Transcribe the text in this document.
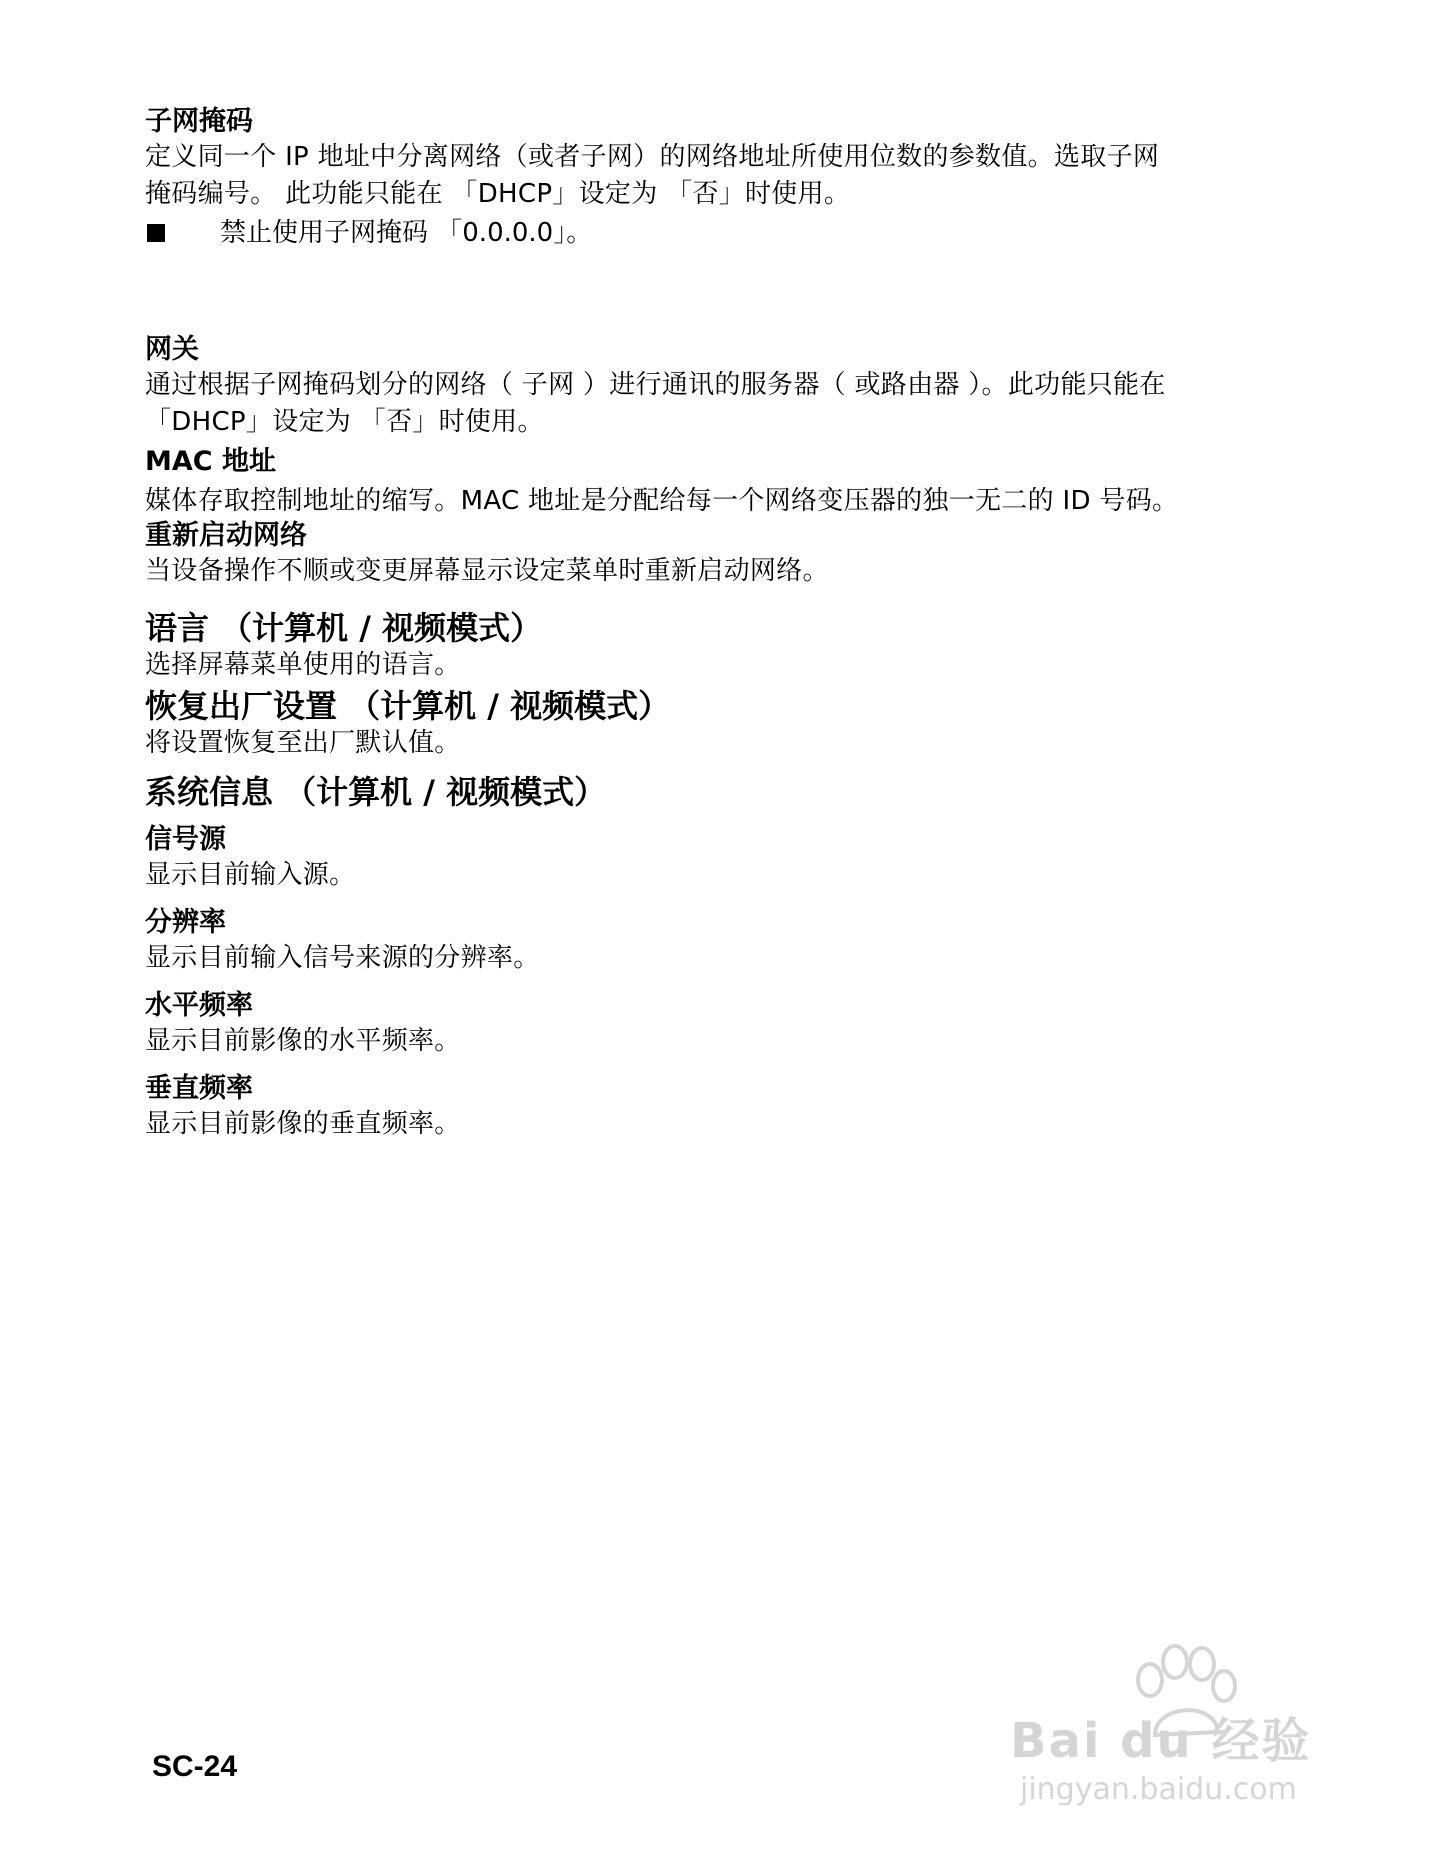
子网掩码

定义同一个 IP 地址中分离网络（或者子网）的网络地址所使用位数的参数值。选取子网

掩码编号。 此功能只能在 「DHCP」设定为 「否」时使用。

禁止使用子网掩码 「0.0.0.0」。

网关

通过根据子网掩码划分的网络（ 子网 ）进行通讯的服务器（ 或路由器 ）。此功能只能在

「DHCP」设定为 「否」时使用。

MAC 地址

媒体存取控制地址的缩写。MAC 地址是分配给每一个网络变压器的独一无二的 ID 号码。

重新启动网络

当设备操作不顺或变更屏幕显示设定菜单时重新启动网络。

语言 （计算机 / 视频模式）

选择屏幕菜单使用的语言。

恢复出厂设置 （计算机 / 视频模式）

将设置恢复至出厂默认值。

系统信息 （计算机 / 视频模式）

信号源

显示目前输入源。

分辨率

显示目前输入信号来源的分辨率。

水平频率

显示目前影像的水平频率。

垂直频率

显示目前影像的垂直频率。

SC-24	Bai du 经验
jingyan.baidu.com
